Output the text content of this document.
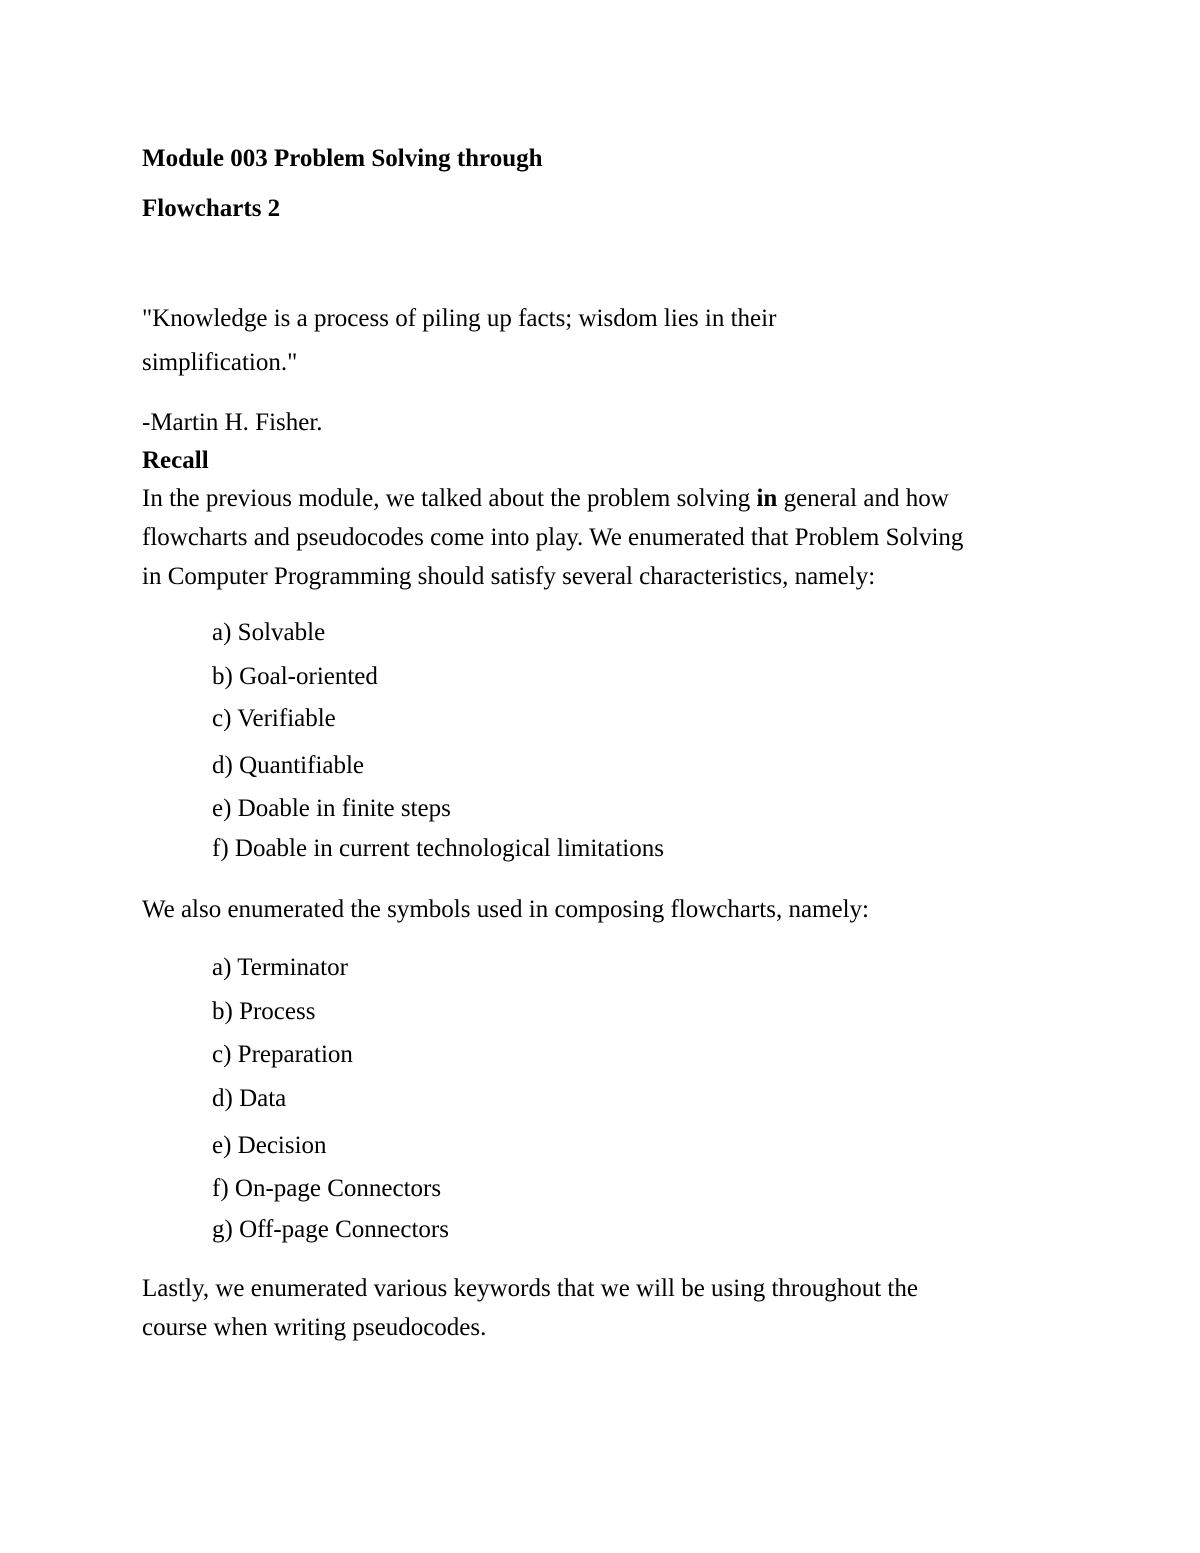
Module 003 Problem Solving through
Flowcharts 2
"Knowledge is a process of piling up facts; wisdom lies in their
simplification."
-Martin H. Fisher.
Recall
In the previous module, we talked about the problem solving in general and how
flowcharts and pseudocodes come into play. We enumerated that Problem Solving
in Computer Programming should satisfy several characteristics, namely:
a) Solvable
b) Goal-oriented
c) Verifiable
d) Quantifiable
e) Doable in finite steps
f) Doable in current technological limitations
We also enumerated the symbols used in composing flowcharts, namely:
a) Terminator
b) Process
c) Preparation
d) Data
e) Decision
f) On-page Connectors
g) Off-page Connectors
Lastly, we enumerated various keywords that we will be using throughout the
course when writing pseudocodes.
